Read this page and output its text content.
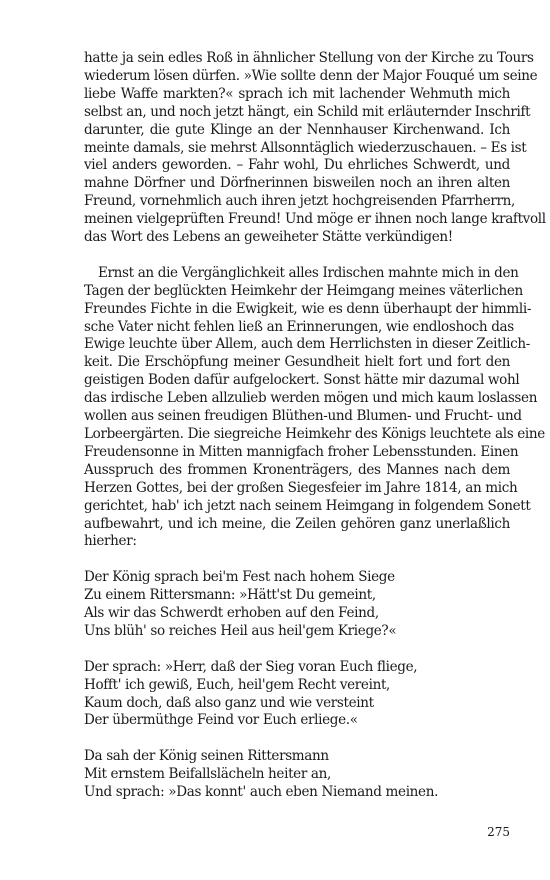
hatte ja sein edles Roß in ähnlicher Stellung von der Kirche zu Tours
wiederum lösen dürfen. »Wie sollte denn der Major Fouqué um seine
liebe Waffe markten?« sprach ich mit lachender Wehmuth mich
selbst an, und noch jetzt hängt, ein Schild mit erläuternder Inschrift
darunter, die gute Klinge an der Nennhauser Kirchenwand. Ich
meinte damals, sie mehrst Allsonntäglich wiederzuschauen. – Es ist
viel anders geworden. – Fahr wohl, Du ehrliches Schwerdt, und
mahne Dörfner und Dörfnerinnen bisweilen noch an ihren alten
Freund, vornehmlich auch ihren jetzt hochgreisenden Pfarrherrn,
meinen vielgeprüften Freund! Und möge er ihnen noch lange kraftvoll
das Wort des Lebens an geweiheter Stätte verkündigen!

Ernst an die Vergänglichkeit alles Irdischen mahnte mich in den
Tagen der beglückten Heimkehr der Heimgang meines väterlichen
Freundes Fichte in die Ewigkeit, wie es denn überhaupt der himmli-
sche Vater nicht fehlen ließ an Erinnerungen, wie endloshoch das
Ewige leuchte über Allem, auch dem Herrlichsten in dieser Zeitlich-
keit. Die Erschöpfung meiner Gesundheit hielt fort und fort den
geistigen Boden dafür aufgelockert. Sonst hätte mir dazumal wohl
das irdische Leben allzulieb werden mögen und mich kaum loslassen
wollen aus seinen freudigen Blüthen-und Blumen- und Frucht- und
Lorbeergärten. Die siegreiche Heimkehr des Königs leuchtete als eine
Freudensonne in Mitten mannigfach froher Lebensstunden. Einen
Ausspruch des frommen Kronenträgers, des Mannes nach dem
Herzen Gottes, bei der großen Siegesfeier im Jahre 1814, an mich
gerichtet, hab' ich jetzt nach seinem Heimgang in folgendem Sonett
aufbewahrt, und ich meine, die Zeilen gehören ganz unerlaßlich
hierher:

Der König sprach bei'm Fest nach hohem Siege
Zu einem Rittersmann: »Hätt'st Du gemeint,
Als wir das Schwerdt erhoben auf den Feind,
Uns blüh' so reiches Heil aus heil'gem Kriege?«
Der sprach: »Herr, daß der Sieg voran Euch fliege,
Hofft' ich gewiß, Euch, heil'gem Recht vereint,
Kaum doch, daß also ganz und wie versteint
Der übermüthge Feind vor Euch erliege.«
Da sah der König seinen Rittersmann
Mit ernstem Beifallslächeln heiter an,
Und sprach: »Das konnt' auch eben Niemand meinen.
275
